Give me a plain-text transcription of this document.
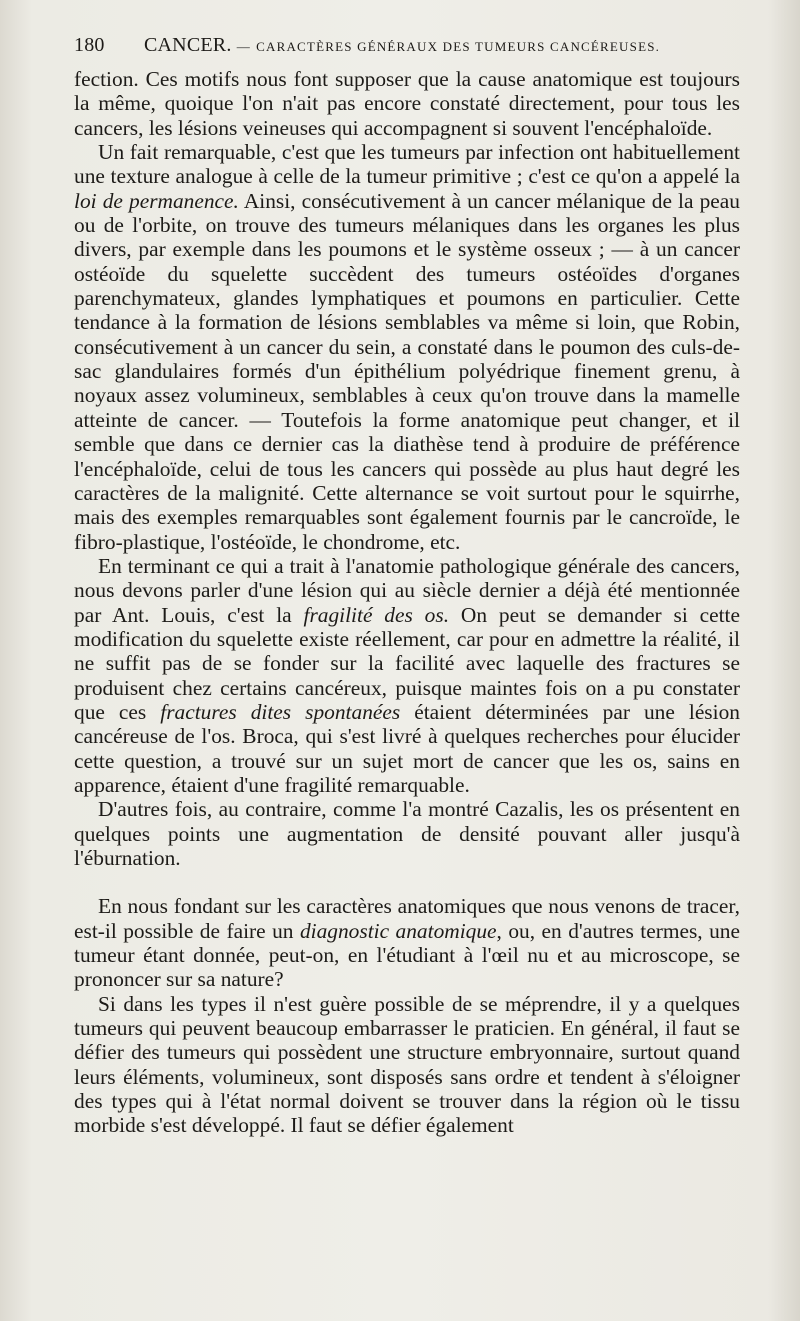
180 CANCER. — CARACTÈRES GÉNÉRAUX DES TUMEURS CANCÉREUSES.

fection. Ces motifs nous font supposer que la cause anatomique est toujours la même, quoique l'on n'ait pas encore constaté directement, pour tous les cancers, les lésions veineuses qui accompagnent si souvent l'encéphaloïde.

Un fait remarquable, c'est que les tumeurs par infection ont habituellement une texture analogue à celle de la tumeur primitive ; c'est ce qu'on a appelé la loi de permanence. Ainsi, consécutivement à un cancer mélanique de la peau ou de l'orbite, on trouve des tumeurs mélaniques dans les organes les plus divers, par exemple dans les poumons et le système osseux ; — à un cancer ostéoïde du squelette succèdent des tumeurs ostéoïdes d'organes parenchymateux, glandes lymphatiques et poumons en particulier. Cette tendance à la formation de lésions semblables va même si loin, que Robin, consécutivement à un cancer du sein, a constaté dans le poumon des culs-de-sac glandulaires formés d'un épithélium polyédrique finement grenu, à noyaux assez volumineux, semblables à ceux qu'on trouve dans la mamelle atteinte de cancer. — Toutefois la forme anatomique peut changer, et il semble que dans ce dernier cas la diathèse tend à produire de préférence l'encéphaloïde, celui de tous les cancers qui possède au plus haut degré les caractères de la malignité. Cette alternance se voit surtout pour le squirrhe, mais des exemples remarquables sont également fournis par le cancroïde, le fibro-plastique, l'ostéoïde, le chondrome, etc.

En terminant ce qui a trait à l'anatomie pathologique générale des cancers, nous devons parler d'une lésion qui au siècle dernier a déjà été mentionnée par Ant. Louis, c'est la fragilité des os. On peut se demander si cette modification du squelette existe réellement, car pour en admettre la réalité, il ne suffit pas de se fonder sur la facilité avec laquelle des fractures se produisent chez certains cancéreux, puisque maintes fois on a pu constater que ces fractures dites spontanées étaient déterminées par une lésion cancéreuse de l'os. Broca, qui s'est livré à quelques recherches pour élucider cette question, a trouvé sur un sujet mort de cancer que les os, sains en apparence, étaient d'une fragilité remarquable.

D'autres fois, au contraire, comme l'a montré Cazalis, les os présentent en quelques points une augmentation de densité pouvant aller jusqu'à l'éburnation.

En nous fondant sur les caractères anatomiques que nous venons de tracer, est-il possible de faire un diagnostic anatomique, ou, en d'autres termes, une tumeur étant donnée, peut-on, en l'étudiant à l'œil nu et au microscope, se prononcer sur sa nature?

Si dans les types il n'est guère possible de se méprendre, il y a quelques tumeurs qui peuvent beaucoup embarrasser le praticien. En général, il faut se défier des tumeurs qui possèdent une structure embryonnaire, surtout quand leurs éléments, volumineux, sont disposés sans ordre et tendent à s'éloigner des types qui à l'état normal doivent se trouver dans la région où le tissu morbide s'est développé. Il faut se défier également
